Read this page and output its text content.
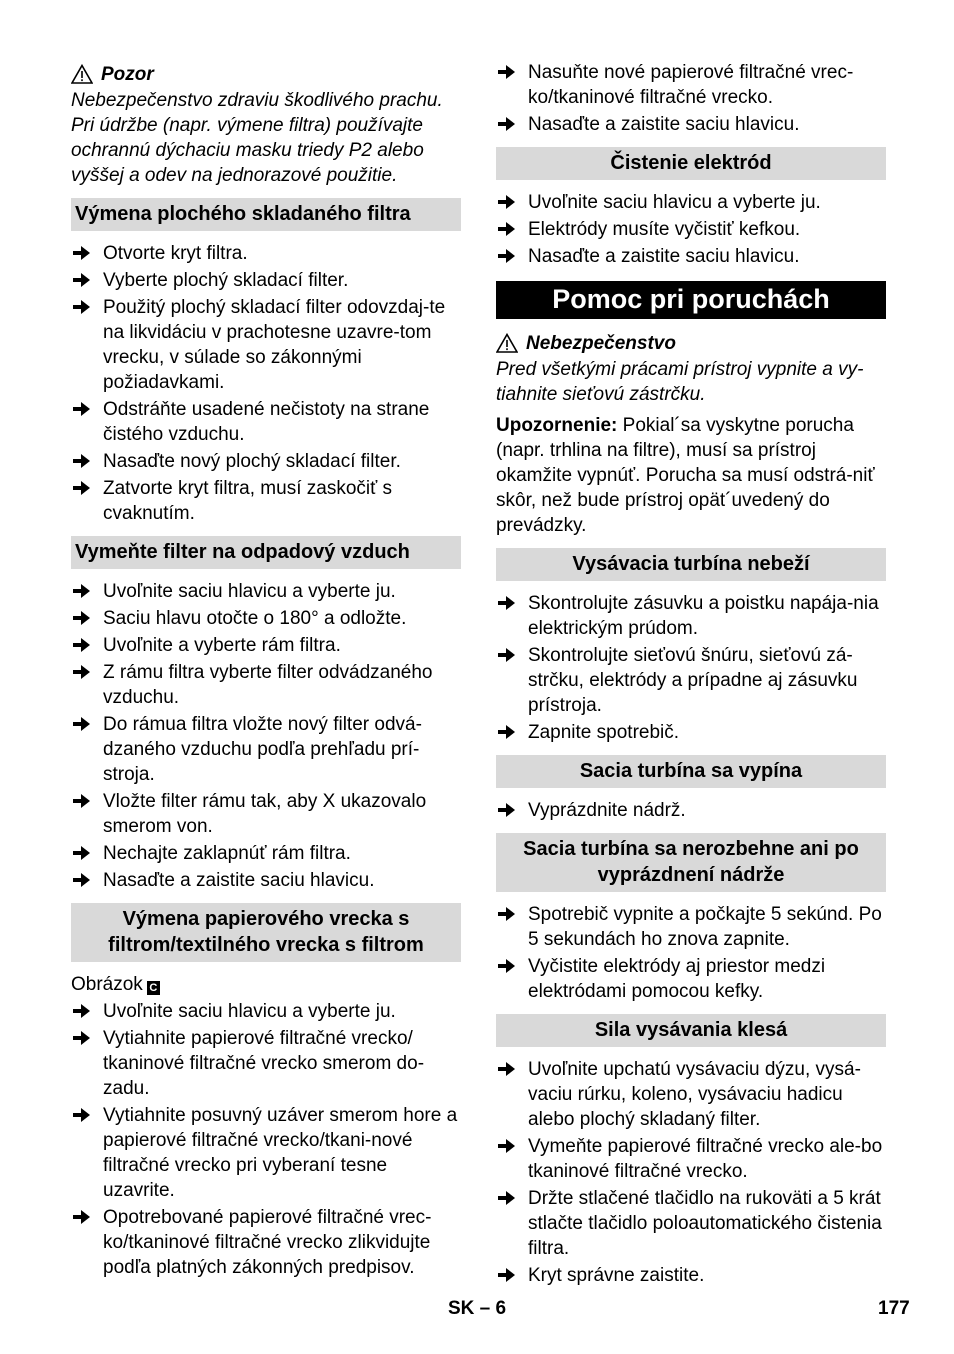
Pozor
Nebezpečenstvo zdraviu škodlivého prachu. Pri údržbe (napr. výmene filtra) používajte ochrannú dýchaciu masku triedy P2 alebo vyššej a odev na jednorazové použitie.
Výmena plochého skladaného filtra
Otvorte kryt filtra.
Vyberte plochý skladací filter.
Použitý plochý skladací filter odovzdaj-te na likvidáciu v prachotesne uzavre-tom vrecku, v súlade so zákonnými požiadavkami.
Odstráňte usadené nečistoty na strane čistého vzduchu.
Nasaďte nový plochý skladací filter.
Zatvorte kryt filtra, musí zaskočiť s cvaknutím.
Vymeňte filter na odpadový vzduch
Uvoľnite saciu hlavicu a vyberte ju.
Saciu hlavu otočte o 180° a odložte.
Uvoľnite a vyberte rám filtra.
Z rámu filtra vyberte filter odvádzaného vzduchu.
Do rámua filtra vložte nový filter odvá-dzaného vzduchu podľa prehľadu prí-stroja.
Vložte filter rámu tak, aby X ukazovalo smerom von.
Nechajte zaklapnúť rám filtra.
Nasaďte a zaistite saciu hlavicu.
Výmena papierového vrecka s filtrom/textilného vrecka s filtrom
Obrázok C
Uvoľnite saciu hlavicu a vyberte ju.
Vytiahnite papierové filtračné vrecko/ tkaninové filtračné vrecko smerom do-zadu.
Vytiahnite posuvný uzáver smerom hore a papierové filtračné vrecko/tkani-nové filtračné vrecko pri vyberaní tesne uzavrite.
Opotrebované papierové filtračné vrec-ko/tkaninové filtračné vrecko zlikvidujte podľa platných zákonných predpisov.
Nasuňte nové papierové filtračné vrec-ko/tkaninové filtračné vrecko.
Nasaďte a zaistite saciu hlavicu.
Čistenie elektród
Uvoľnite saciu hlavicu a vyberte ju.
Elektródy musíte vyčistiť kefkou.
Nasaďte a zaistite saciu hlavicu.
Pomoc pri poruchách
Nebezpečenstvo
Pred všetkými prácami prístroj vypnite a vy-tiahnite sieťovú zástrčku.
Upozornenie: Pokial´sa vyskytne porucha (napr. trhlina na filtre), musí sa prístroj okamžite vypnúť. Porucha sa musí odstrá-niť skôr, než bude prístroj opät´uvedený do prevádzky.
Vysávacia turbína nebeží
Skontrolujte zásuvku a poistku napája-nia elektrickým prúdom.
Skontrolujte sieťovú šnúru, sieťovú zá-strčku, elektródy a prípadne aj zásuvku prístroja.
Zapnite spotrebič.
Sacia turbína sa vypína
Vyprázdnite nádrž.
Sacia turbína sa nerozbehne ani po vyprázdnení nádrže
Spotrebič vypnite a počkajte 5 sekúnd. Po 5 sekundách ho znova zapnite.
Vyčistite elektródy aj priestor medzi elektródami pomocou kefky.
Sila vysávania klesá
Uvoľnite upchatú vysávaciu dýzu, vysá-vaciu rúrku, koleno, vysávaciu hadicu alebo plochý skladaný filter.
Vymeňte papierové filtračné vrecko ale-bo tkaninové filtračné vrecko.
Držte stlačené tlačidlo na rukoväti a 5 krát stlačte tlačidlo poloautomatického čistenia filtra.
Kryt správne zaistite.
SK – 6	177
